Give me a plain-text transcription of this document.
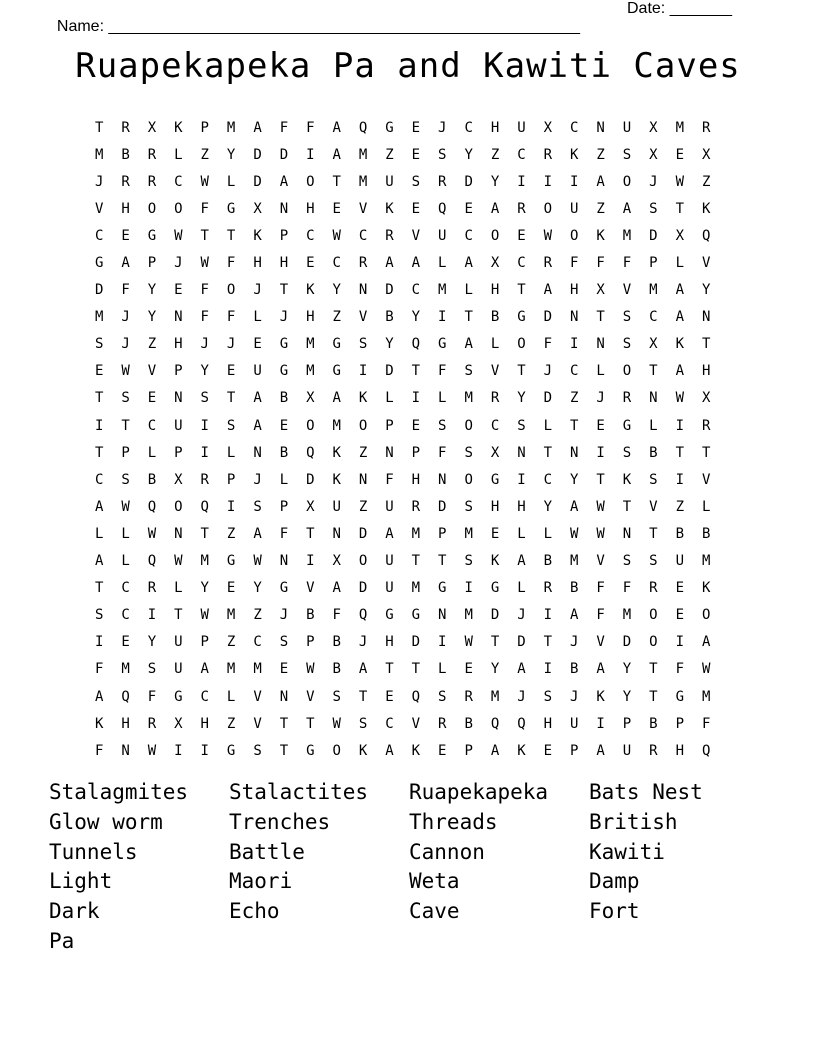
Name: _____________________________________________________

Date: _______

Ruapekapeka Pa and Kawiti Caves
T	R	X	K	P	M	A	F	F	A	Q	G	E	J	C	H	U	X	C	N	U	X	M	R
M	B	R	L	Z	Y	D	D	I	A	M	Z	E	S	Y	Z	C	R	K	Z	S	X	E	X
J	R	R	C	W	L	D	A	O	T	M	U	S	R	D	Y	I	I	I	A	O	J	W	Z
V	H	O	O	F	G	X	N	H	E	V	K	E	Q	E	A	R	O	U	Z	A	S	T	K
C	E	G	W	T	T	K	P	C	W	C	R	V	U	C	O	E	W	O	K	M	D	X	Q
G	A	P	J	W	F	H	H	E	C	R	A	A	L	A	X	C	R	F	F	F	P	L	V
D	F	Y	E	F	O	J	T	K	Y	N	D	C	M	L	H	T	A	H	X	V	M	A	Y
M	J	Y	N	F	F	L	J	H	Z	V	B	Y	I	T	B	G	D	N	T	S	C	A	N
S	J	Z	H	J	J	E	G	M	G	S	Y	Q	G	A	L	O	F	I	N	S	X	K	T
E	W	V	P	Y	E	U	G	M	G	I	D	T	F	S	V	T	J	C	L	O	T	A	H
T	S	E	N	S	T	A	B	X	A	K	L	I	L	M	R	Y	D	Z	J	R	N	W	X
I	T	C	U	I	S	A	E	O	M	O	P	E	S	O	C	S	L	T	E	G	L	I	R
T	P	L	P	I	L	N	B	Q	K	Z	N	P	F	S	X	N	T	N	I	S	B	T	T
C	S	B	X	R	P	J	L	D	K	N	F	H	N	O	G	I	C	Y	T	K	S	I	V
A	W	Q	O	Q	I	S	P	X	U	Z	U	R	D	S	H	H	Y	A	W	T	V	Z	L
L	L	W	N	T	Z	A	F	T	N	D	A	M	P	M	E	L	L	W	W	N	T	B	B
A	L	Q	W	M	G	W	N	I	X	O	U	T	T	S	K	A	B	M	V	S	S	U	M
T	C	R	L	Y	E	Y	G	V	A	D	U	M	G	I	G	L	R	B	F	F	R	E	K
S	C	I	T	W	M	Z	J	B	F	Q	G	G	N	M	D	J	I	A	F	M	O	E	O
I	E	Y	U	P	Z	C	S	P	B	J	H	D	I	W	T	D	T	J	V	D	O	I	A
F	M	S	U	A	M	M	E	W	B	A	T	T	L	E	Y	A	I	B	A	Y	T	F	W
A	Q	F	G	C	L	V	N	V	S	T	E	Q	S	R	M	J	S	J	K	Y	T	G	M
K	H	R	X	H	Z	V	T	T	W	S	C	V	R	B	Q	Q	H	U	I	P	B	P	F
F	N	W	I	I	G	S	T	G	O	K	A	K	E	P	A	K	E	P	A	U	R	H	Q
Stalagmites	Stalactites	Ruapekapeka	Bats Nest
Glow worm	Trenches	Threads	British
Tunnels	Battle	Cannon	Kawiti
Light	Maori	Weta	Damp
Dark	Echo	Cave	Fort
Pa
